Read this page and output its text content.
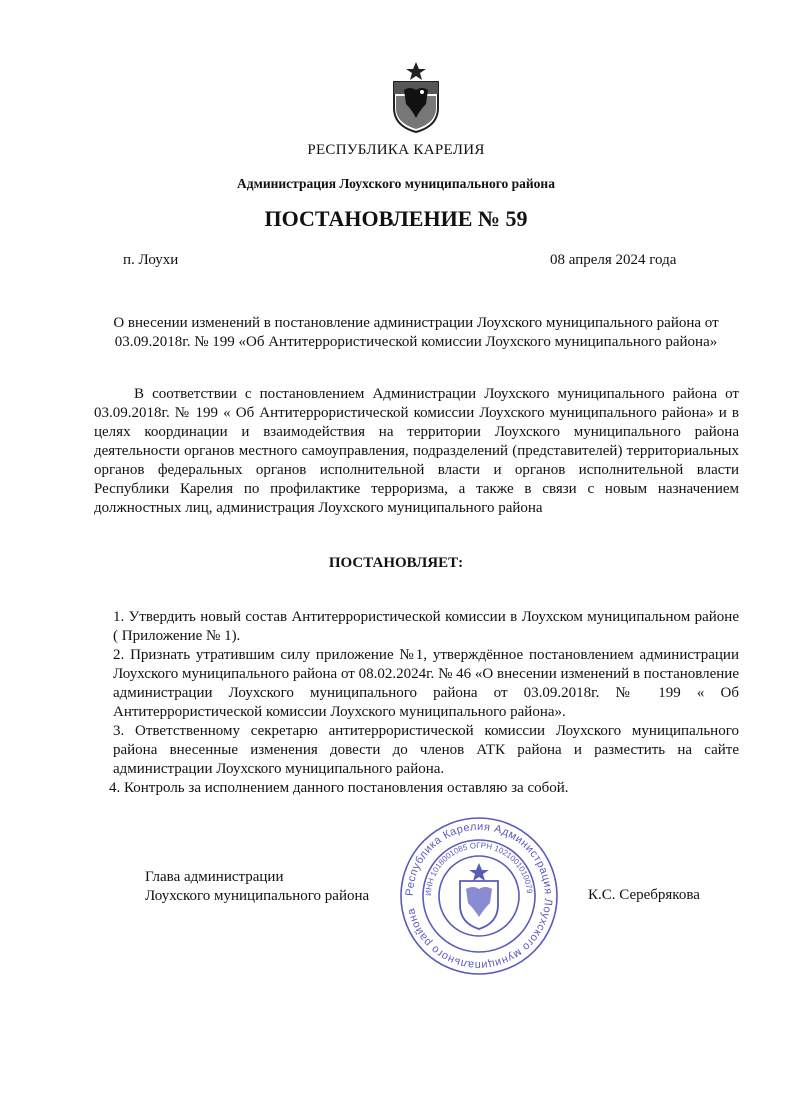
РЕСПУБЛИКА КАРЕЛИЯ
Администрация Лоухского муниципального района
ПОСТАНОВЛЕНИЕ № 59
п. Лоухи	08 апреля 2024 года
О внесении изменений в постановление администрации Лоухского муниципального района от 03.09.2018г. № 199 «Об Антитеррористической комиссии Лоухского муниципального района»
В соответствии с постановлением Администрации Лоухского муниципального района от 03.09.2018г. № 199 « Об Антитеррористической комиссии Лоухского муниципального района» и в целях координации и взаимодействия на территории Лоухского муниципального района деятельности органов местного самоуправления, подразделений (представителей) территориальных органов федеральных органов исполнительной власти и органов исполнительной власти Республики Карелия по профилактике терроризма, а также в связи с новым назначением должностных лиц, администрация Лоухского муниципального района
ПОСТАНОВЛЯЕТ:

1. Утвердить новый состав Антитеррористической комиссии в Лоухском муниципальном районе ( Приложение № 1).

2. Признать утратившим силу приложение №1, утверждённое постановлением администрации Лоухского муниципального района от 08.02.2024г. № 46 «О внесении изменений в постановление администрации Лоухского муниципального района от 03.09.2018г. № 199 « Об Антитеррористической комиссии Лоухского муниципального района».

3. Ответственному секретарю антитеррористической комиссии Лоухского муниципального района внесенные изменения довести до членов АТК района и разместить на сайте администрации Лоухского муниципального района.

4. Контроль за исполнением данного постановления оставляю за собой.

Глава администрации
Лоухского муниципального района	К.С. Серебрякова
Республика Карелия Администрация Лоухского муниципального района
ИНН 1018001085 ОГРН 1021001010079
